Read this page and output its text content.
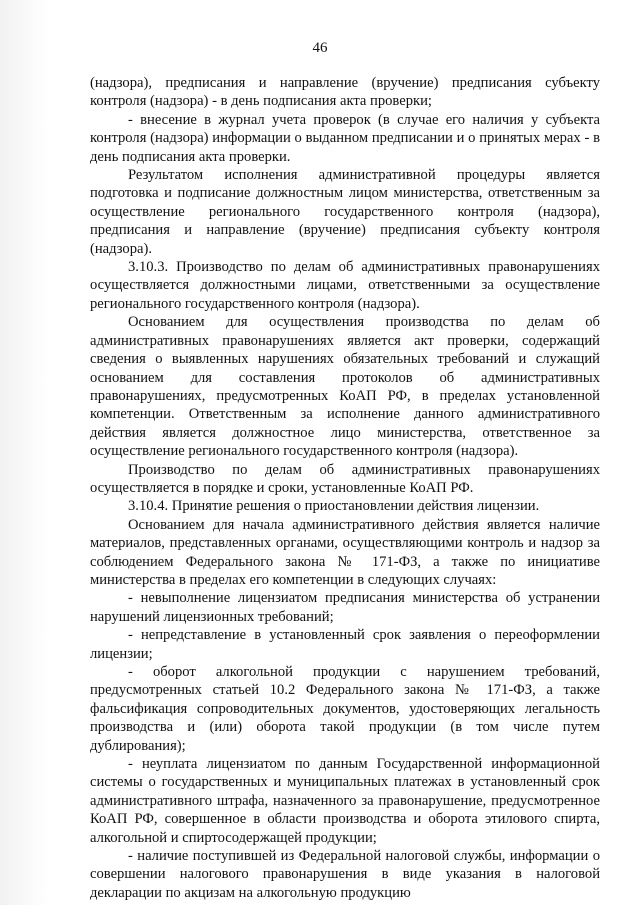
46

(надзора), предписания и направление (вручение) предписания субъекту контроля (надзора) - в день подписания акта проверки;

- внесение в журнал учета проверок (в случае его наличия у субъекта контроля (надзора) информации о выданном предписании и о принятых мерах - в день подписания акта проверки.

Результатом исполнения административной процедуры является подготовка и подписание должностным лицом министерства, ответственным за осуществление регионального государственного контроля (надзора), предписания и направление (вручение) предписания субъекту контроля (надзора).

3.10.3. Производство по делам об административных правонарушениях осуществляется должностными лицами, ответственными за осуществление регионального государственного контроля (надзора).

Основанием для осуществления производства по делам об административных правонарушениях является акт проверки, содержащий сведения о выявленных нарушениях обязательных требований и служащий основанием для составления протоколов об административных правонарушениях, предусмотренных КоАП РФ, в пределах установленной компетенции. Ответственным за исполнение данного административного действия является должностное лицо министерства, ответственное за осуществление регионального государственного контроля (надзора).

Производство по делам об административных правонарушениях осуществляется в порядке и сроки, установленные КоАП РФ.

3.10.4. Принятие решения о приостановлении действия лицензии.

Основанием для начала административного действия является наличие материалов, представленных органами, осуществляющими контроль и надзор за соблюдением Федерального закона № 171-ФЗ, а также по инициативе министерства в пределах его компетенции в следующих случаях:

- невыполнение лицензиатом предписания министерства об устранении нарушений лицензионных требований;

- непредставление в установленный срок заявления о переоформлении лицензии;

- оборот алкогольной продукции с нарушением требований, предусмотренных статьей 10.2 Федерального закона № 171-ФЗ, а также фальсификация сопроводительных документов, удостоверяющих легальность производства и (или) оборота такой продукции (в том числе путем дублирования);

- неуплата лицензиатом по данным Государственной информационной системы о государственных и муниципальных платежах в установленный срок административного штрафа, назначенного за правонарушение, предусмотренное КоАП РФ, совершенное в области производства и оборота этилового спирта, алкогольной и спиртосодержащей продукции;

- наличие поступившей из Федеральной налоговой службы, информации о совершении налогового правонарушения в виде указания в налоговой декларации по акцизам на алкогольную продукцию
